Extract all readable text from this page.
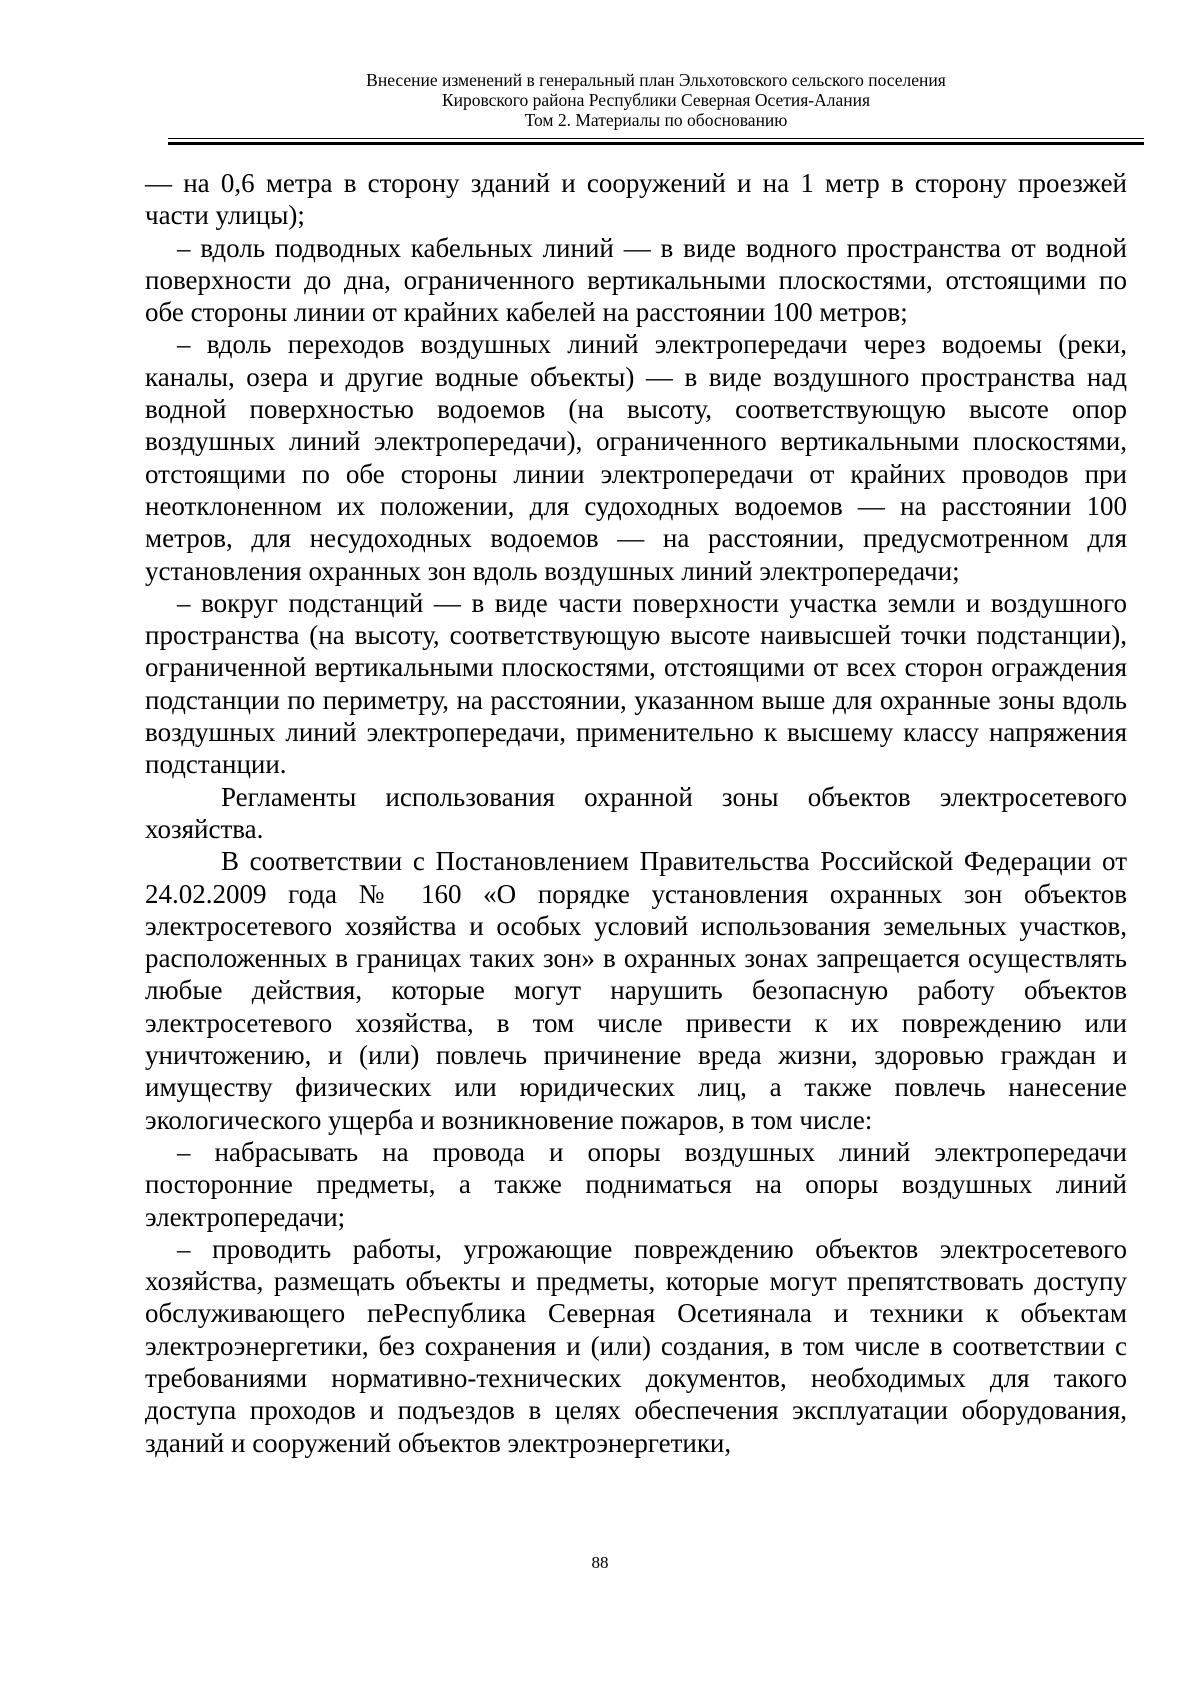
Внесение изменений в генеральный план Эльхотовского сельского поселения
Кировского района Республики Северная Осетия-Алания
Том 2. Материалы по обоснованию

— на 0,6 метра в сторону зданий и сооружений и на 1 метр в сторону проезжей части улицы);

– вдоль подводных кабельных линий — в виде водного пространства от водной поверхности до дна, ограниченного вертикальными плоскостями, отстоящими по обе стороны линии от крайних кабелей на расстоянии 100 метров;

– вдоль переходов воздушных линий электропередачи через водоемы (реки, каналы, озера и другие водные объекты) — в виде воздушного пространства над водной поверхностью водоемов (на высоту, соответствующую высоте опор воздушных линий электропередачи), ограниченного вертикальными плоскостями, отстоящими по обе стороны линии электропередачи от крайних проводов при неотклоненном их положении, для судоходных водоемов — на расстоянии 100 метров, для несудоходных водоемов — на расстоянии, предусмотренном для установления охранных зон вдоль воздушных линий электропередачи;

– вокруг подстанций — в виде части поверхности участка земли и воздушного пространства (на высоту, соответствующую высоте наивысшей точки подстанции), ограниченной вертикальными плоскостями, отстоящими от всех сторон ограждения подстанции по периметру, на расстоянии, указанном выше для охранные зоны вдоль воздушных линий электропередачи, применительно к высшему классу напряжения подстанции.

Регламенты использования охранной зоны объектов электросетевого хозяйства.

В соответствии с Постановлением Правительства Российской Федерации от 24.02.2009 года № 160 «О порядке установления охранных зон объектов электросетевого хозяйства и особых условий использования земельных участков, расположенных в границах таких зон» в охранных зонах запрещается осуществлять любые действия, которые могут нарушить безопасную работу объектов электросетевого хозяйства, в том числе привести к их повреждению или уничтожению, и (или) повлечь причинение вреда жизни, здоровью граждан и имуществу физических или юридических лиц, а также повлечь нанесение экологического ущерба и возникновение пожаров, в том числе:

– набрасывать на провода и опоры воздушных линий электропередачи посторонние предметы, а также подниматься на опоры воздушных линий электропередачи;

– проводить работы, угрожающие повреждению объектов электросетевого хозяйства, размещать объекты и предметы, которые могут препятствовать доступу обслуживающего пеРеспублика Северная Осетиянала и техники к объектам электроэнергетики, без сохранения и (или) создания, в том числе в соответствии с требованиями нормативно-технических документов, необходимых для такого доступа проходов и подъездов в целях обеспечения эксплуатации оборудования, зданий и сооружений объектов электроэнергетики,

88
